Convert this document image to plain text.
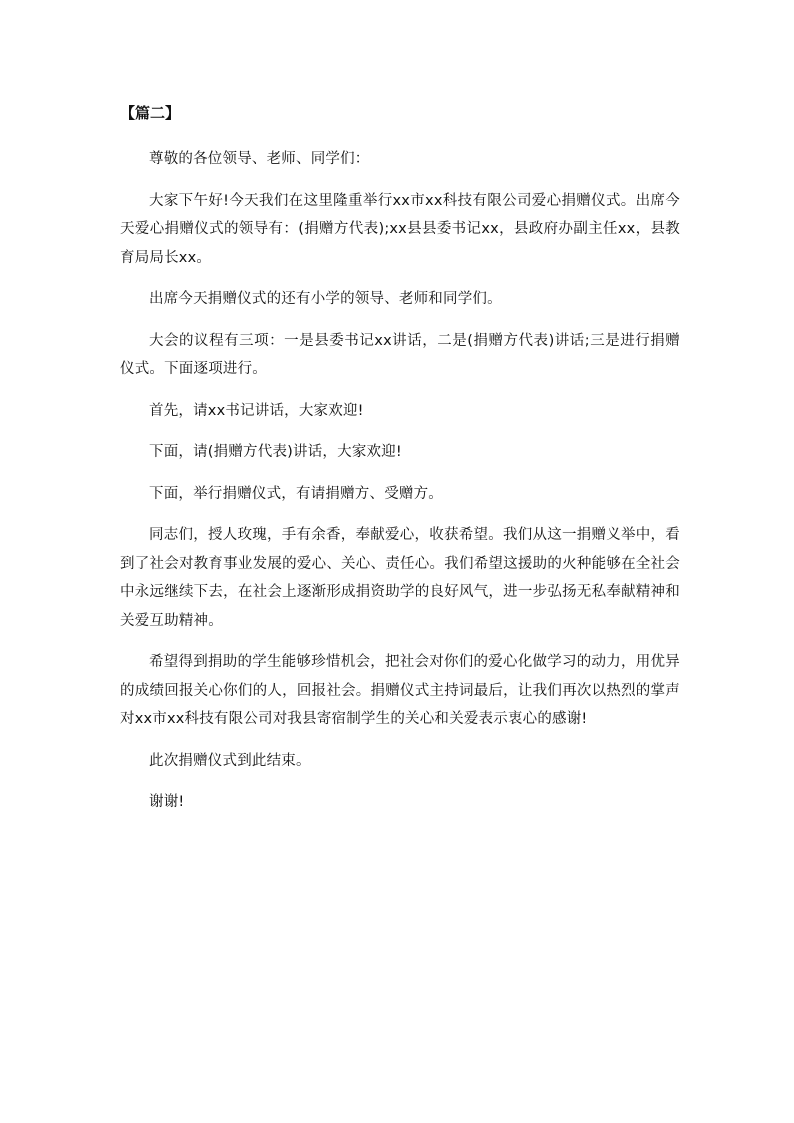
【篇二】

尊敬的各位领导、老师、同学们：

大家下午好!今天我们在这里隆重举行xx市xx科技有限公司爱心捐赠仪式。出席今天爱心捐赠仪式的领导有：(捐赠方代表);xx县县委书记xx，县政府办副主任xx，县教育局局长xx。

出席今天捐赠仪式的还有小学的领导、老师和同学们。

大会的议程有三项：一是县委书记xx讲话，二是(捐赠方代表)讲话;三是进行捐赠仪式。下面逐项进行。

首先，请xx书记讲话，大家欢迎!

下面，请(捐赠方代表)讲话，大家欢迎!

下面，举行捐赠仪式，有请捐赠方、受赠方。

同志们，授人玫瑰，手有余香，奉献爱心，收获希望。我们从这一捐赠义举中，看到了社会对教育事业发展的爱心、关心、责任心。我们希望这援助的火种能够在全社会中永远继续下去，在社会上逐渐形成捐资助学的良好风气，进一步弘扬无私奉献精神和关爱互助精神。

希望得到捐助的学生能够珍惜机会，把社会对你们的爱心化做学习的动力，用优异的成绩回报关心你们的人，回报社会。捐赠仪式主持词最后，让我们再次以热烈的掌声对xx市xx科技有限公司对我县寄宿制学生的关心和关爱表示衷心的感谢!

此次捐赠仪式到此结束。

谢谢!
